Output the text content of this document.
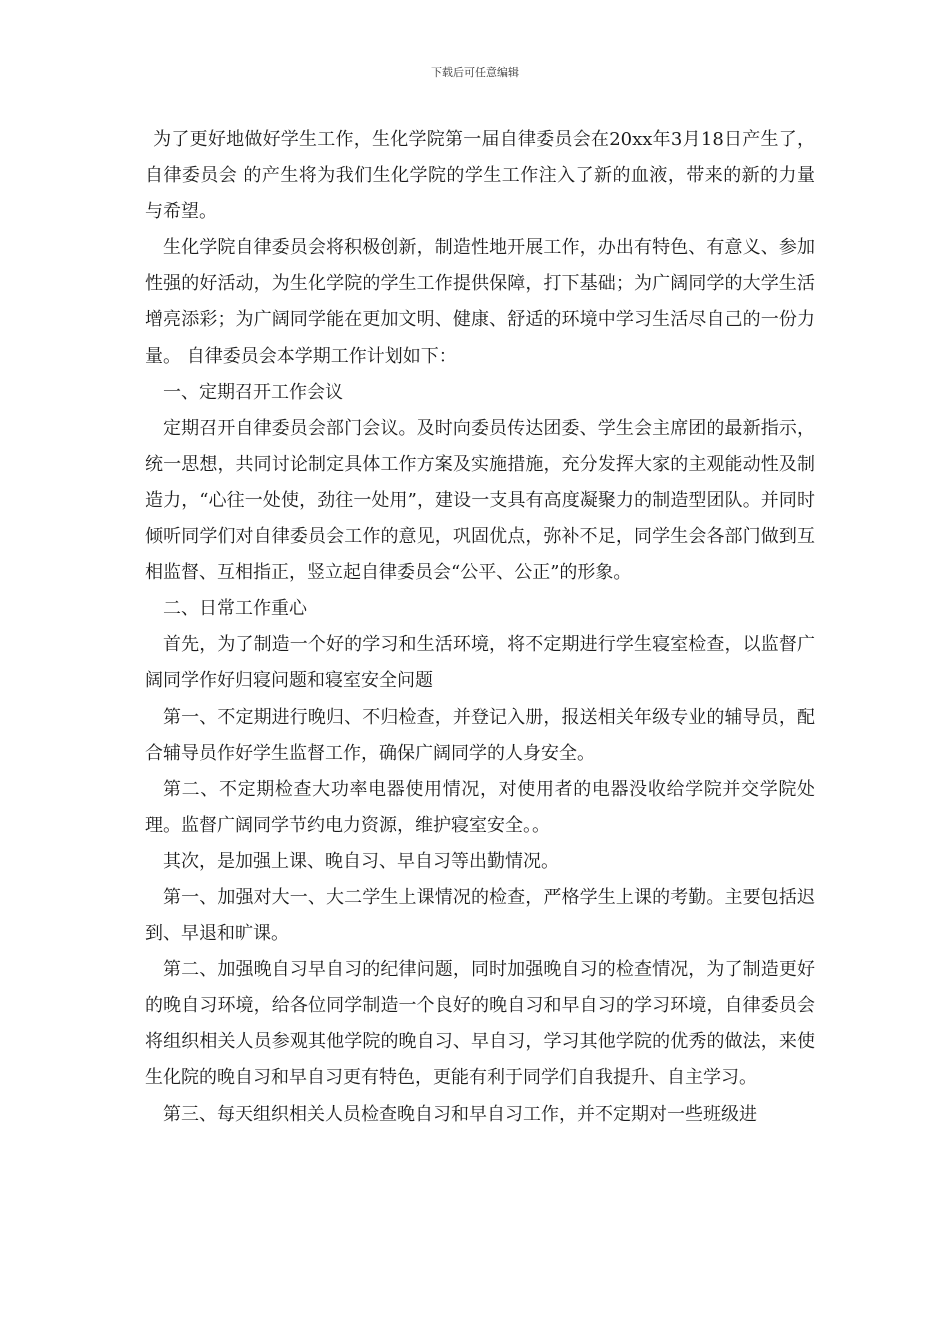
下载后可任意编辑

为了更好地做好学生工作，生化学院第一届自律委员会在20xx年3月18日产生了，自律委员会 的产生将为我们生化学院的学生工作注入了新的血液，带来的新的力量与希望。

生化学院自律委员会将积极创新，制造性地开展工作，办出有特色、有意义、参加性强的好活动，为生化学院的学生工作提供保障，打下基础；为广阔同学的大学生活增亮添彩；为广阔同学能在更加文明、健康、舒适的环境中学习生活尽自己的一份力量。 自律委员会本学期工作计划如下：

一、定期召开工作会议

定期召开自律委员会部门会议。及时向委员传达团委、学生会主席团的最新指示，统一思想，共同讨论制定具体工作方案及实施措施，充分发挥大家的主观能动性及制造力，“心往一处使，劲往一处用”，建设一支具有高度凝聚力的制造型团队。并同时倾听同学们对自律委员会工作的意见，巩固优点，弥补不足，同学生会各部门做到互相监督、互相指正，竖立起自律委员会“公平、公正”的形象。

二、日常工作重心

首先，为了制造一个好的学习和生活环境，将不定期进行学生寝室检查，以监督广阔同学作好归寝问题和寝室安全问题

第一、不定期进行晚归、不归检查，并登记入册，报送相关年级专业的辅导员，配合辅导员作好学生监督工作，确保广阔同学的人身安全。

第二、不定期检查大功率电器使用情况，对使用者的电器没收给学院并交学院处理。监督广阔同学节约电力资源，维护寝室安全。。

其次，是加强上课、晚自习、早自习等出勤情况。

第一、加强对大一、大二学生上课情况的检查，严格学生上课的考勤。主要包括迟到、早退和旷课。

第二、加强晚自习早自习的纪律问题，同时加强晚自习的检查情况，为了制造更好的晚自习环境，给各位同学制造一个良好的晚自习和早自习的学习环境，自律委员会将组织相关人员参观其他学院的晚自习、早自习，学习其他学院的优秀的做法，来使生化院的晚自习和早自习更有特色，更能有利于同学们自我提升、自主学习。

第三、每天组织相关人员检查晚自习和早自习工作，并不定期对一些班级进
